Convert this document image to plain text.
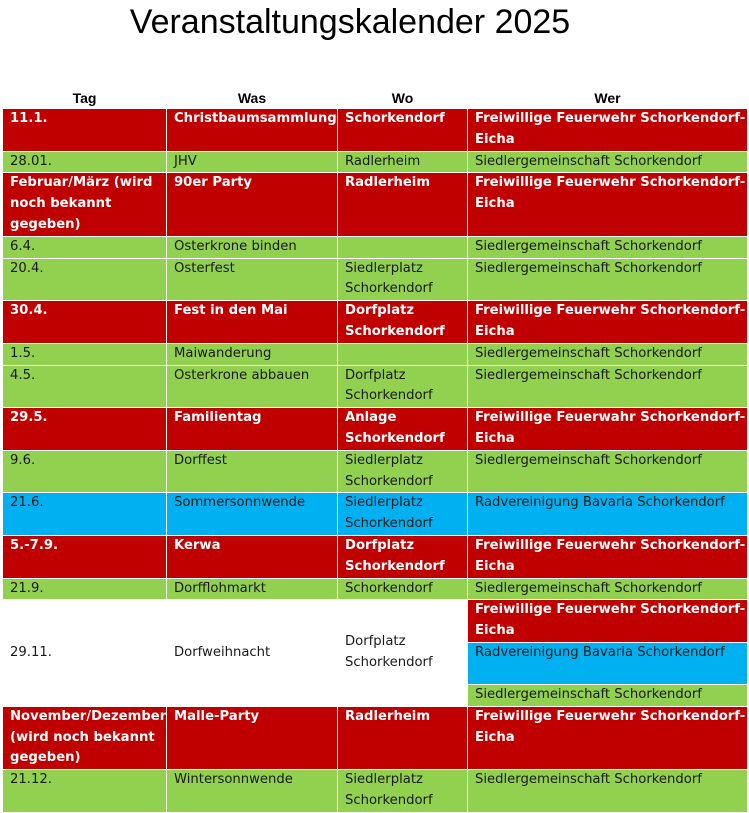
Veranstaltungskalender 2025
Tag	Was	Wo	Wer
11.1.	Christbaumsammlung	Schorkendorf	Freiwillige Feuerwehr Schorkendorf-Eicha
28.01.	JHV	Radlerheim	Siedlergemeinschaft Schorkendorf
Februar/März (wird noch bekannt gegeben)	90er Party	Radlerheim	Freiwillige Feuerwehr Schorkendorf-Eicha
6.4.	Osterkrone binden		Siedlergemeinschaft Schorkendorf
20.4.	Osterfest	Siedlerplatz Schorkendorf	Siedlergemeinschaft Schorkendorf
30.4.	Fest in den Mai	Dorfplatz Schorkendorf	Freiwillige Feuerwehr Schorkendorf-Eicha
1.5.	Maiwanderung		Siedlergemeinschaft Schorkendorf
4.5.	Osterkrone abbauen	Dorfplatz Schorkendorf	Siedlergemeinschaft Schorkendorf
29.5.	Familientag	Anlage Schorkendorf	Freiwillige Feuerwahr Schorkendorf-Eicha
9.6.	Dorffest	Siedlerplatz Schorkendorf	Siedlergemeinschaft Schorkendorf
21.6.	Sommersonnwende	Siedlerplatz Schorkendorf	Radvereinigung Bavaria Schorkendorf
5.-7.9.	Kerwa	Dorfplatz Schorkendorf	Freiwillige Feuerwehr Schorkendorf-Eicha
21.9.	Dorfflohmarkt	Schorkendorf	Siedlergemeinschaft Schorkendorf
29.11.	Dorfweihnacht	Dorfplatz Schorkendorf	Freiwillige Feuerwehr Schorkendorf-Eicha
			Radvereinigung Bavaria Schorkendorf
			Siedlergemeinschaft Schorkendorf
November/Dezember (wird noch bekannt gegeben)	Malle-Party	Radlerheim	Freiwillige Feuerwehr Schorkendorf-Eicha
21.12.	Wintersonnwende	Siedlerplatz Schorkendorf	Siedlergemeinschaft Schorkendorf
